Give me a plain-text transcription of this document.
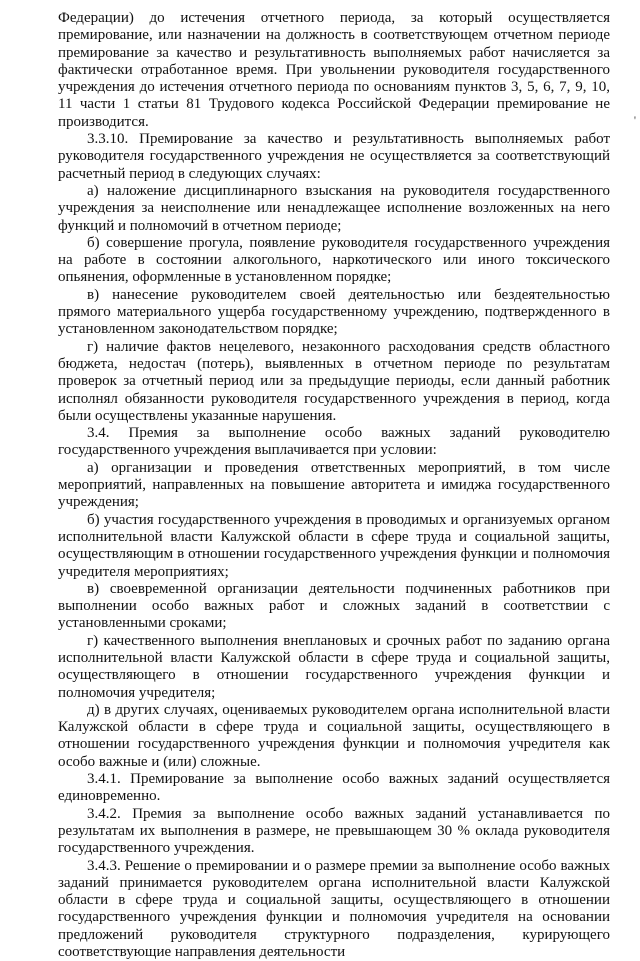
Федерации) до истечения отчетного периода, за который осуществляется премирование, или назначении на должность в соответствующем отчетном периоде премирование за качество и результативность выполняемых работ начисляется за фактически отработанное время. При увольнении руководителя государственного учреждения до истечения отчетного периода по основаниям пунктов 3, 5, 6, 7, 9, 10, 11 части 1 статьи 81 Трудового кодекса Российской Федерации премирование не производится.

3.3.10. Премирование за качество и результативность выполняемых работ руководителя государственного учреждения не осуществляется за соответствующий расчетный период в следующих случаях:

а) наложение дисциплинарного взыскания на руководителя государственного учреждения за неисполнение или ненадлежащее исполнение возложенных на него функций и полномочий в отчетном периоде;

б) совершение прогула, появление руководителя государственного учреждения на работе в состоянии алкогольного, наркотического или иного токсического опьянения, оформленные в установленном порядке;

в) нанесение руководителем своей деятельностью или бездеятельностью прямого материального ущерба государственному учреждению, подтвержденного в установленном законодательством порядке;

г) наличие фактов нецелевого, незаконного расходования средств областного бюджета, недостач (потерь), выявленных в отчетном периоде по результатам проверок за отчетный период или за предыдущие периоды, если данный работник исполнял обязанности руководителя государственного учреждения в период, когда были осуществлены указанные нарушения.

3.4. Премия за выполнение особо важных заданий руководителю государственного учреждения выплачивается при условии:

а) организации и проведения ответственных мероприятий, в том числе мероприятий, направленных на повышение авторитета и имиджа государственного учреждения;

б) участия государственного учреждения в проводимых и организуемых органом исполнительной власти Калужской области в сфере труда и социальной защиты, осуществляющим в отношении государственного учреждения функции и полномочия учредителя мероприятиях;

в) своевременной организации деятельности подчиненных работников при выполнении особо важных работ и сложных заданий в соответствии с установленными сроками;

г) качественного выполнения внеплановых и срочных работ по заданию органа исполнительной власти Калужской области в сфере труда и социальной защиты, осуществляющего в отношении государственного учреждения функции и полномочия учредителя;

д) в других случаях, оцениваемых руководителем органа исполнительной власти Калужской области в сфере труда и социальной защиты, осуществляющего в отношении государственного учреждения функции и полномочия учредителя как особо важные и (или) сложные.

3.4.1. Премирование за выполнение особо важных заданий осуществляется единовременно.

3.4.2. Премия за выполнение особо важных заданий устанавливается по результатам их выполнения в размере, не превышающем 30 % оклада руководителя государственного учреждения.

3.4.3. Решение о премировании и о размере премии за выполнение особо важных заданий принимается руководителем органа исполнительной власти Калужской области в сфере труда и социальной защиты, осуществляющего в отношении государственного учреждения функции и полномочия учредителя на основании предложений руководителя структурного подразделения, курирующего соответствующие направления деятельности

'
